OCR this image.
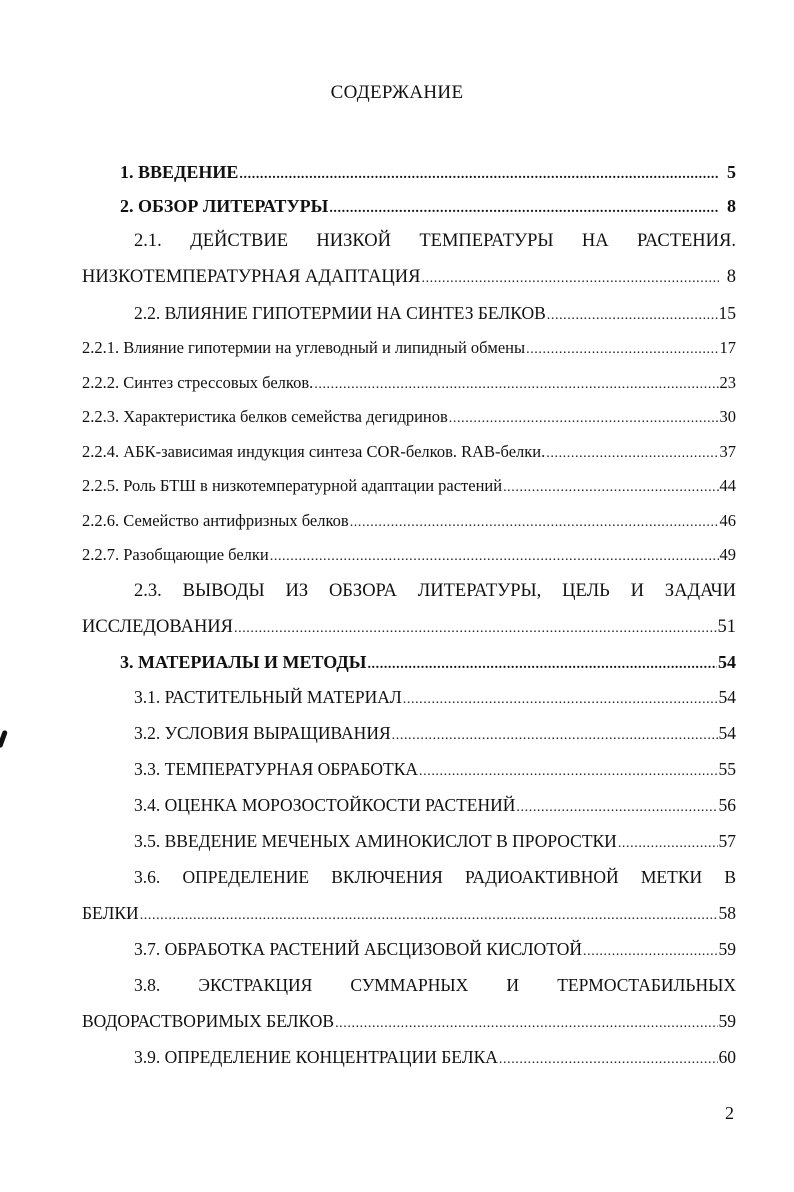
СОДЕРЖАНИЕ
1. ВВЕДЕНИЕ .....	5
2. ОБЗОР ЛИТЕРАТУРЫ .....	8
2.1. ДЕЙСТВИЕ НИЗКОЙ ТЕМПЕРАТУРЫ НА РАСТЕНИЯ.
НИЗКОТЕМПЕРАТУРНАЯ АДАПТАЦИЯ .....	8
2.2. ВЛИЯНИЕ ГИПОТЕРМИИ НА СИНТЕЗ БЕЛКОВ .....	15
2.2.1. Влияние гипотермии на углеводный и липидный обмены .....	17
2.2.2. Синтез стрессовых белков. .....	23
2.2.3. Характеристика белков семейства дегидринов .....	30
2.2.4. АБК-зависимая индукция синтеза COR-белков. RAB-белки. .....	37
2.2.5. Роль БТШ в низкотемпературной адаптации растений .....	44
2.2.6. Семейство антифризных белков .....	46
2.2.7. Разобщающие белки .....	49
2.3. ВЫВОДЫ ИЗ ОБЗОРА ЛИТЕРАТУРЫ, ЦЕЛЬ И ЗАДАЧИ
ИССЛЕДОВАНИЯ .....	51
3. МАТЕРИАЛЫ И МЕТОДЫ .....	54
3.1. РАСТИТЕЛЬНЫЙ МАТЕРИАЛ .....	54
3.2. УСЛОВИЯ ВЫРАЩИВАНИЯ .....	54
3.3. ТЕМПЕРАТУРНАЯ ОБРАБОТКА .....	55
3.4. ОЦЕНКА МОРОЗОСТОЙКОСТИ РАСТЕНИЙ .....	56
3.5. ВВЕДЕНИЕ МЕЧЕНЫХ АМИНОКИСЛОТ В ПРОРОСТКИ .....	57
3.6. ОПРЕДЕЛЕНИЕ ВКЛЮЧЕНИЯ РАДИОАКТИВНОЙ МЕТКИ В
БЕЛКИ .....	58
3.7. ОБРАБОТКА РАСТЕНИЙ АБСЦИЗОВОЙ КИСЛОТОЙ .....	59
3.8. ЭКСТРАКЦИЯ СУММАРНЫХ И ТЕРМОСТАБИЛЬНЫХ
ВОДОРАСТВОРИМЫХ БЕЛКОВ .....	59
3.9. ОПРЕДЕЛЕНИЕ КОНЦЕНТРАЦИИ БЕЛКА .....	60
2
